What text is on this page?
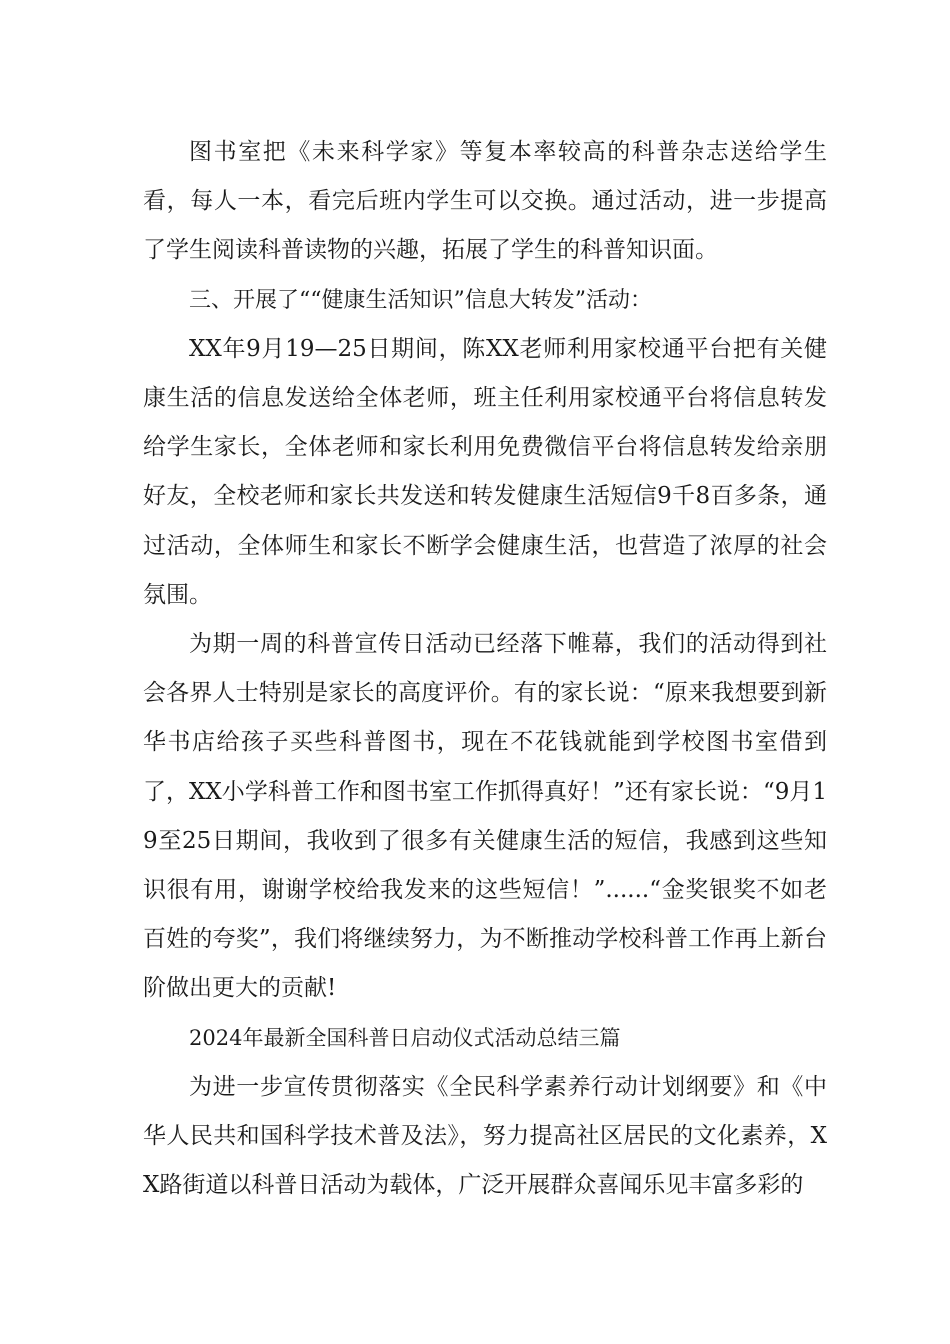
图书室把《未来科学家》等复本率较高的科普杂志送给学生看，每人一本，看完后班内学生可以交换。通过活动，进一步提高了学生阅读科普读物的兴趣，拓展了学生的科普知识面。

三、开展了““健康生活知识”信息大转发”活动：

XX年9月19—25日期间，陈XX老师利用家校通平台把有关健康生活的信息发送给全体老师，班主任利用家校通平台将信息转发给学生家长，全体老师和家长利用免费微信平台将信息转发给亲朋好友，全校老师和家长共发送和转发健康生活短信9千8百多条，通过活动，全体师生和家长不断学会健康生活，也营造了浓厚的社会氛围。

为期一周的科普宣传日活动已经落下帷幕，我们的活动得到社会各界人士特别是家长的高度评价。有的家长说：“原来我想要到新华书店给孩子买些科普图书，现在不花钱就能到学校图书室借到了，XX小学科普工作和图书室工作抓得真好！”还有家长说：“9月19至25日期间，我收到了很多有关健康生活的短信，我感到这些知识很有用，谢谢学校给我发来的这些短信！”......“金奖银奖不如老百姓的夸奖”，我们将继续努力，为不断推动学校科普工作再上新台阶做出更大的贡献!

2024年最新全国科普日启动仪式活动总结三篇

为进一步宣传贯彻落实《全民科学素养行动计划纲要》和《中华人民共和国科学技术普及法》，努力提高社区居民的文化素养，XX路街道以科普日活动为载体，广泛开展群众喜闻乐见丰富多彩的
